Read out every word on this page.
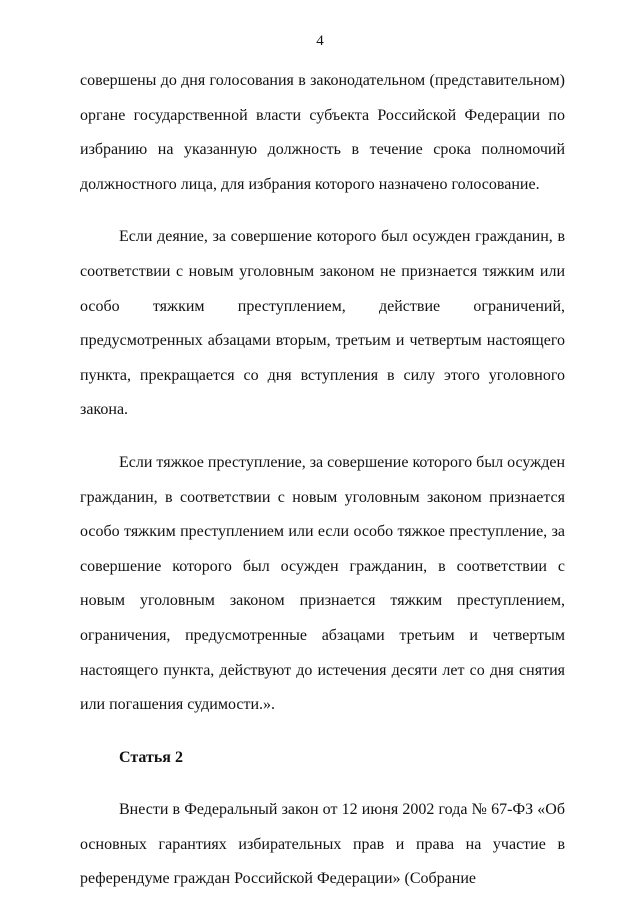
4

совершены до дня голосования в законодательном (представительном) органе государственной власти субъекта Российской Федерации по избранию на указанную должность в течение срока полномочий должностного лица, для избрания которого назначено голосование.

Если деяние, за совершение которого был осужден гражданин, в соответствии с новым уголовным законом не признается тяжким или особо тяжким преступлением, действие ограничений, предусмотренных абзацами вторым, третьим и четвертым настоящего пункта, прекращается со дня вступления в силу этого уголовного закона.

Если тяжкое преступление, за совершение которого был осужден гражданин, в соответствии с новым уголовным законом признается особо тяжким преступлением или если особо тяжкое преступление, за совершение которого был осужден гражданин, в соответствии с новым уголовным законом признается тяжким преступлением, ограничения, предусмотренные абзацами третьим и четвертым настоящего пункта, действуют до истечения десяти лет со дня снятия или погашения судимости.».

Статья 2

Внести в Федеральный закон от 12 июня 2002 года № 67-ФЗ «Об основных гарантиях избирательных прав и права на участие в референдуме граждан Российской Федерации» (Собрание
